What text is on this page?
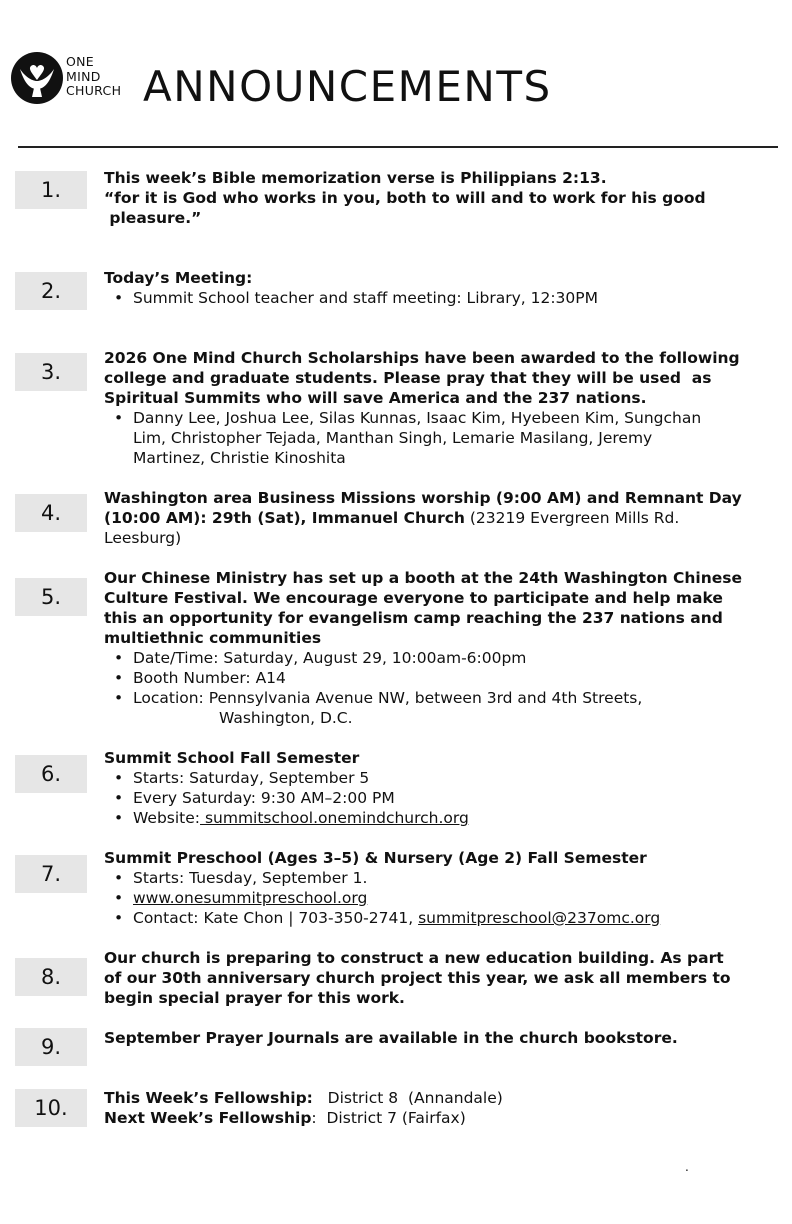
ONE
MIND
CHURCH ANNOUNCEMENTS
1.	This week’s Bible memorization verse is Philippians 2:13.

“for it is God who works in you, both to will and to work for his good

pleasure.”

2.

Today’s Meeting:

• Summit School teacher and staff meeting: Library, 12:30PM
3.

2026 One Mind Church Scholarships have been awarded to the following

college and graduate students. Please pray that they will be used  as

Spiritual Summits who will save America and the 237 nations.

• Danny Lee, Joshua Lee, Silas Kunnas, Isaac Kim, Hyebeen Kim, Sungchan
Lim, Christopher Tejada, Manthan Singh, Lemarie Masilang, Jeremy
Martinez, Christie Kinoshita
4.

Washington area Business Missions worship (9:00 AM) and Remnant Day

(10:00 AM): 29th (Sat), Immanuel Church (23219 Evergreen Mills Rd.

Leesburg)

5.

Our Chinese Ministry has set up a booth at the 24th Washington Chinese

Culture Festival. We encourage everyone to participate and help make

this an opportunity for evangelism camp reaching the 237 nations and

multiethnic communities

• Date/Time: Saturday, August 29, 10:00am-6:00pm
• Booth Number: A14
• Location: Pennsylvania Avenue NW, between 3rd and 4th Streets,
Washington, D.C.
6.

Summit School Fall Semester

• Starts: Saturday, September 5
• Every Saturday: 9:30 AM–2:00 PM
• Website: summitschool.onemindchurch.org
7.

Summit Preschool (Ages 3–5) & Nursery (Age 2) Fall Semester

• Starts: Tuesday, September 1.
• www.onesummitpreschool.org
• Contact: Kate Chon | 703-350-2741, summitpreschool@237omc.org
8.

Our church is preparing to construct a new education building. As part

of our 30th anniversary church project this year, we ask all members to

begin special prayer for this work.

9.	September Prayer Journals are available in the church bookstore.

10.	This Week’s Fellowship:   District 8  (Annandale)

Next Week’s Fellowship:  District 7 (Fairfax)

.
